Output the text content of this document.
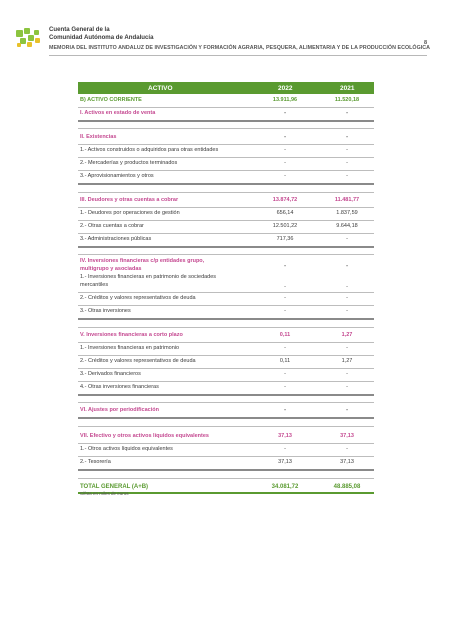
Cuenta General de la
Comunidad Autónoma de Andalucía
8
MEMORIA DEL INSTITUTO ANDALUZ DE INVESTIGACIÓN Y FORMACIÓN AGRARIA, PESQUERA, ALIMENTARIA Y DE LA PRODUCCIÓN ECOLÓGICA
ACTIVO	2022	2021
B) ACTIVO CORRIENTE	13.911,96	11.520,18
I. Activos en estado de venta	-	-
II. Existencias	-	-
1.- Activos construidos o adquiridos para otras entidades	-	-
2.- Mercaderías y productos terminados	-	-
3.- Aprovisionamientos y otros	-	-
III. Deudores y otras cuentas a cobrar	13.874,72	11.481,77
1.- Deudores por operaciones de gestión	656,14	1.837,59
2.- Otras cuentas a cobrar	12.501,22	9.644,18
3.- Administraciones públicas	717,36	-
IV. Inversiones financieras c/p entidades grupo,
multigrupo y asociadas	-	-
1.- Inversiones financieras en patrimonio de sociedades
mercantiles	-	-
2.- Créditos y valores representativos de deuda	-	-
3.- Otras inversiones	-	-
V. Inversiones financieras a corto plazo	0,11	1,27
1.- Inversiones financieras en patrimonio	-	-
2.- Créditos y valores representativos de deuda	0,11	1,27
3.- Derivados financieros	-	-
4.- Otras inversiones financieras	-	-
VI. Ajustes por periodificación	-	-
VII. Efectivo y otros activos líquidos equivalentes	37,13	37,13
1.- Otros activos líquidos equivalentes	-	-
2.- Tesorería	37,13	37,13
TOTAL GENERAL (A+B)	34.081,72	48.885,08
Cifras en miles de euros
